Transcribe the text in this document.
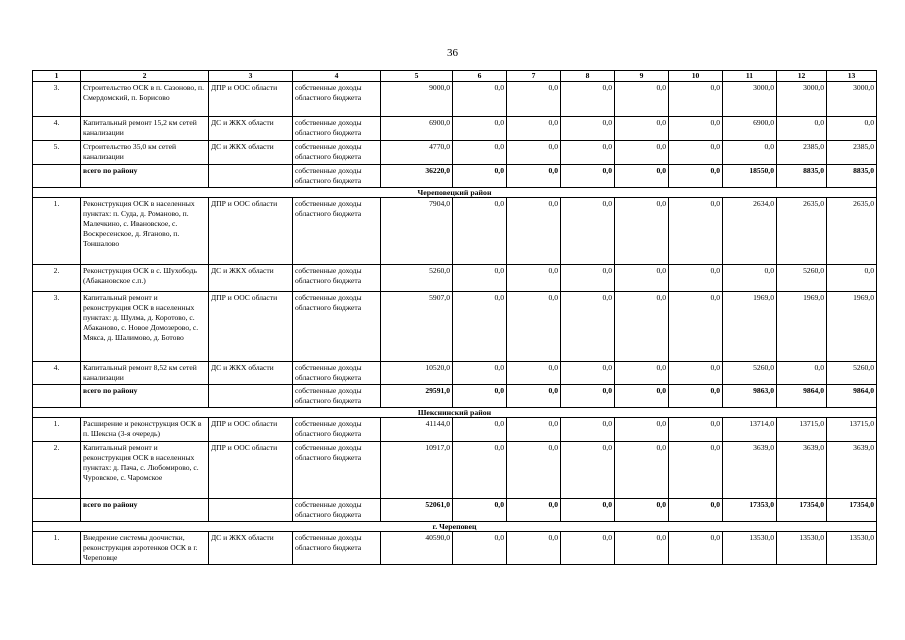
36
1	2	3	4	5	6	7	8	9	10	11	12	13
3.	Строительство ОСК в п. Сазоново, п. Смердомский, п. Борисово	ДПР и ООС области	собственные доходы областного бюджета	9000,0	0,0	0,0	0,0	0,0	0,0	3000,0	3000,0	3000,0
4.	Капитальный ремонт 15,2 км сетей канализации	ДС и ЖКХ области	собственные доходы областного бюджета	6900,0	0,0	0,0	0,0	0,0	0,0	6900,0	0,0	0,0
5.	Строительство 35,0 км сетей канализации	ДС и ЖКХ области	собственные доходы областного бюджета	4770,0	0,0	0,0	0,0	0,0	0,0	0,0	2385,0	2385,0
	всего по району		собственные доходы областного бюджета	36220,0	0,0	0,0	0,0	0,0	0,0	18550,0	8835,0	8835,0
Череповецкий район												
1.	Реконструкция ОСК в населенных пунктах: п. Суда, д. Романово, п. Малечкино, с. Ивановское, с. Воскресенское, д. Яганово, п. Тоншалово	ДПР и ООС области	собственные доходы областного бюджета	7904,0	0,0	0,0	0,0	0,0	0,0	2634,0	2635,0	2635,0
2.	Реконструкция ОСК в с. Шухободь (Абакановское с.п.)	ДС и ЖКХ области	собственные доходы областного бюджета	5260,0	0,0	0,0	0,0	0,0	0,0	0,0	5260,0	0,0
3.	Капитальный ремонт и реконструкция ОСК в населенных пунктах: д. Шулма, д. Коротово, с. Абаканово, с. Новое Домозерово, с. Мякса, д. Шалимово, д. Ботово	ДПР и ООС области	собственные доходы областного бюджета	5907,0	0,0	0,0	0,0	0,0	0,0	1969,0	1969,0	1969,0
4.	Капитальный ремонт 8,52 км сетей канализации	ДС и ЖКХ области	собственные доходы областного бюджета	10520,0	0,0	0,0	0,0	0,0	0,0	5260,0	0,0	5260,0
	всего по району		собственные доходы областного бюджета	29591,0	0,0	0,0	0,0	0,0	0,0	9863,0	9864,0	9864,0
Шекснинский район												
1.	Расширение и реконструкция ОСК в п. Шексна (3-я очередь)	ДПР и ООС области	собственные доходы областного бюджета	41144,0	0,0	0,0	0,0	0,0	0,0	13714,0	13715,0	13715,0
2.	Капитальный ремонт и реконструкция ОСК в населенных пунктах: д. Пача, с. Любомирово, с. Чуровское, с. Чаромское	ДПР и ООС области	собственные доходы областного бюджета	10917,0	0,0	0,0	0,0	0,0	0,0	3639,0	3639,0	3639,0
	всего по району		собственные доходы областного бюджета	52061,0	0,0	0,0	0,0	0,0	0,0	17353,0	17354,0	17354,0
г. Череповец												
1.	Внедрение системы доочистки, реконструкция аэротенков ОСК в г. Череповце	ДС и ЖКХ области	собственные доходы областного бюджета	40590,0	0,0	0,0	0,0	0,0	0,0	13530,0	13530,0	13530,0
